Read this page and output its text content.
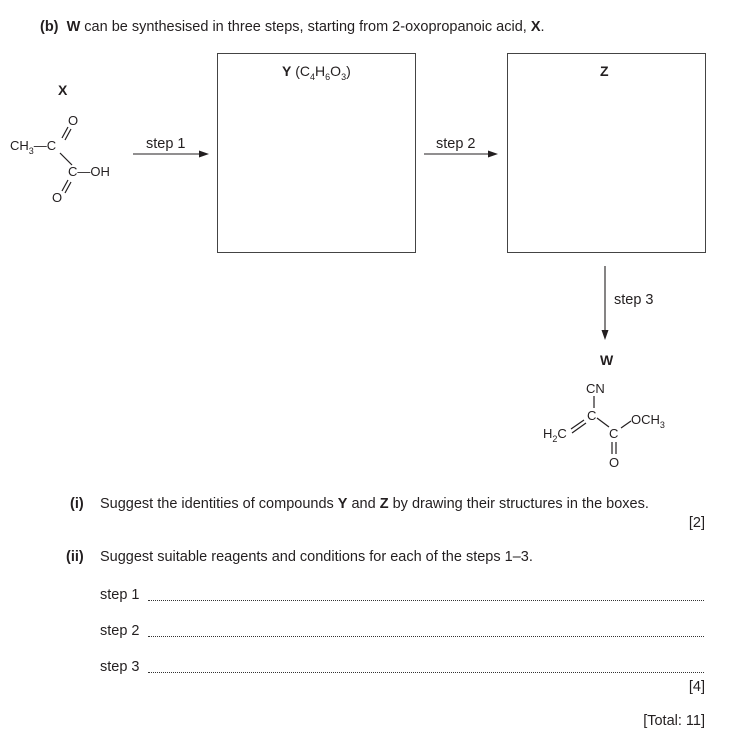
(b) W can be synthesised in three steps, starting from 2-oxopropanoic acid, X.
X
$CH_3—C$
O
C—OH
O
step 1
Y $(C_4H_6O_3)$
step 2
Z
step 3
W
CN
C
$H_2C$	C
$OCH_3$
O
(i) Suggest the identities of compounds Y and Z by drawing their structures in the boxes.
[2]
(ii) Suggest suitable reagents and conditions for each of the steps 1–3.
step 1
step 2
step 3
[4]
[Total: 11]
